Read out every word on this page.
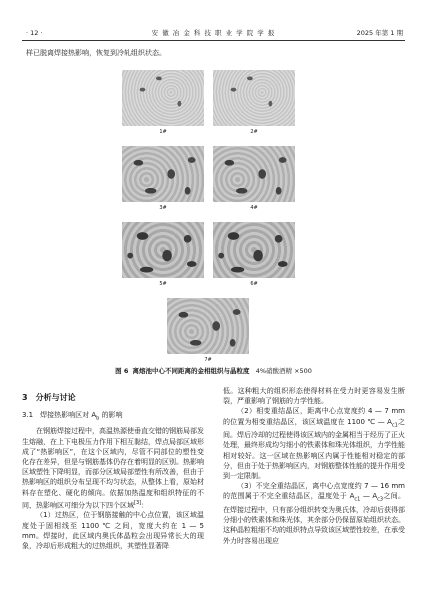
· 12 ·	安 徽 冶 金 科 技 职 业 学 院 学 报	2025 年第 1 期
样已脱离焊接热影响，恢复到冷轧组织状态。
1#	2#
3#	4#
5#	6#
7#
图 6 离熔池中心不同距离的金相组织与晶粒度 4%硝酸酒精 ×500
3　分析与讨论
3.1　焊接热影响区对 $A_b$ 的影响

在钢筋焊接过程中，高温热源使垂直交错的钢筋局部发生熔融，在上下电极压力作用下相互黏结，焊点局部区域形成了“热影响区”，在这个区域内，尽管不同部位的塑性变化存在差异，但是与钢筋基体仍存在着明显的区别。热影响区域塑性下降明显，而部分区域局部塑性有所改善，但由于热影响区的组织分布呈现不均匀状态，从整体上看，原始材料存在塑化、硬化的倾向。依据加热温度和组织特征的不同，热影响区可细分为以下四个区域[3]：

（1）过热区，位于钢筋接触的中心点位置，该区域温度处于固相线至 1100 ℃ 之间，宽度大约在 1 — 5 mm。焊接时，此区域内奥氏体晶粒会出现异常长大的现象，冷却后形成粗大的过热组织，其塑性显著降

低。这种粗大的组织形态使得材料在受力时更容易发生断裂，严重影响了钢筋的力学性能。

（2）相变重结晶区，距离中心点宽度约 4 — 7 mm 的位置为相变重结晶区，该区域温度在 1100 ℃ — $A_{c1}$之间。焊后冷却的过程使得该区域内的金属相当于经历了正火处理，最终形成均匀细小的铁素体和珠光体组织，力学性能相对较好。这一区域在热影响区内属于性能相对稳定的部分，但由于处于热影响区内，对钢筋整体性能的提升作用受到一定限制。

（3）不完全重结晶区，离中心点宽度约 7 — 16 mm 的范围属于不完全重结晶区，温度处于 $A_{c1}$ — $A_{c3}$之间。在焊接过程中，只有部分组织转变为奥氏体，冷却后获得部分细小的铁素体和珠光体，其余部分仍保留原始组织状态。这种晶粒粗细不均的组织特点导致该区域塑性较差，在承受外力时容易出现应
